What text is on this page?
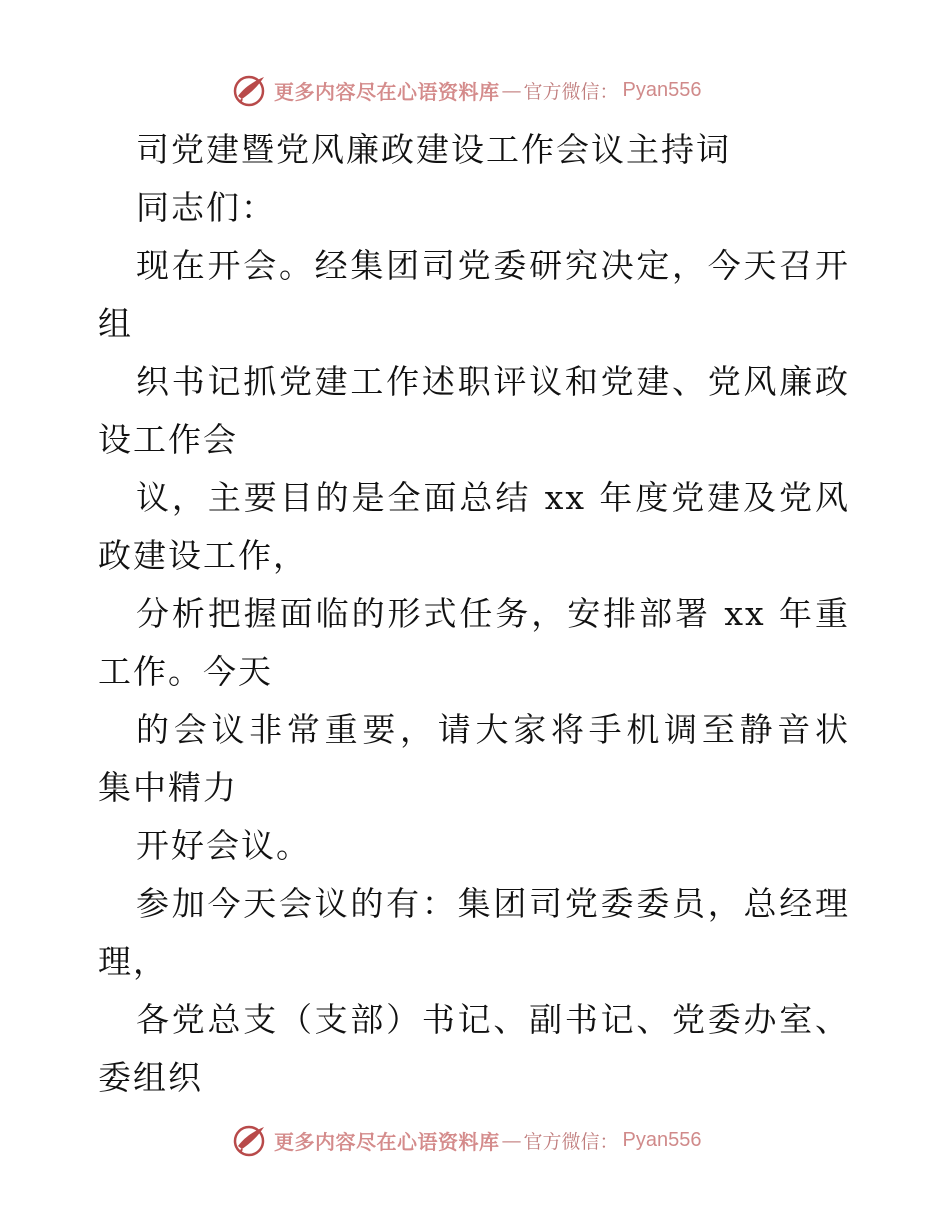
更多内容尽在心语资料库 — 官方微信： Pyan556
司党建暨党风廉政建设工作会议主持词
同志们：
现在开会。经集团司党委研究决定，今天召开
组
织书记抓党建工作述职评议和党建、党风廉政
设工作会
议，主要目的是全面总结 xx 年度党建及党风
政建设工作，
分析把握面临的形式任务，安排部署 xx 年重
工作。今天
的会议非常重要，请大家将手机调至静音状
集中精力
开好会议。
参加今天会议的有：集团司党委委员，总经理
理，
各党总支（支部）书记、副书记、党委办室、
委组织
更多内容尽在心语资料库 — 官方微信： Pyan556
